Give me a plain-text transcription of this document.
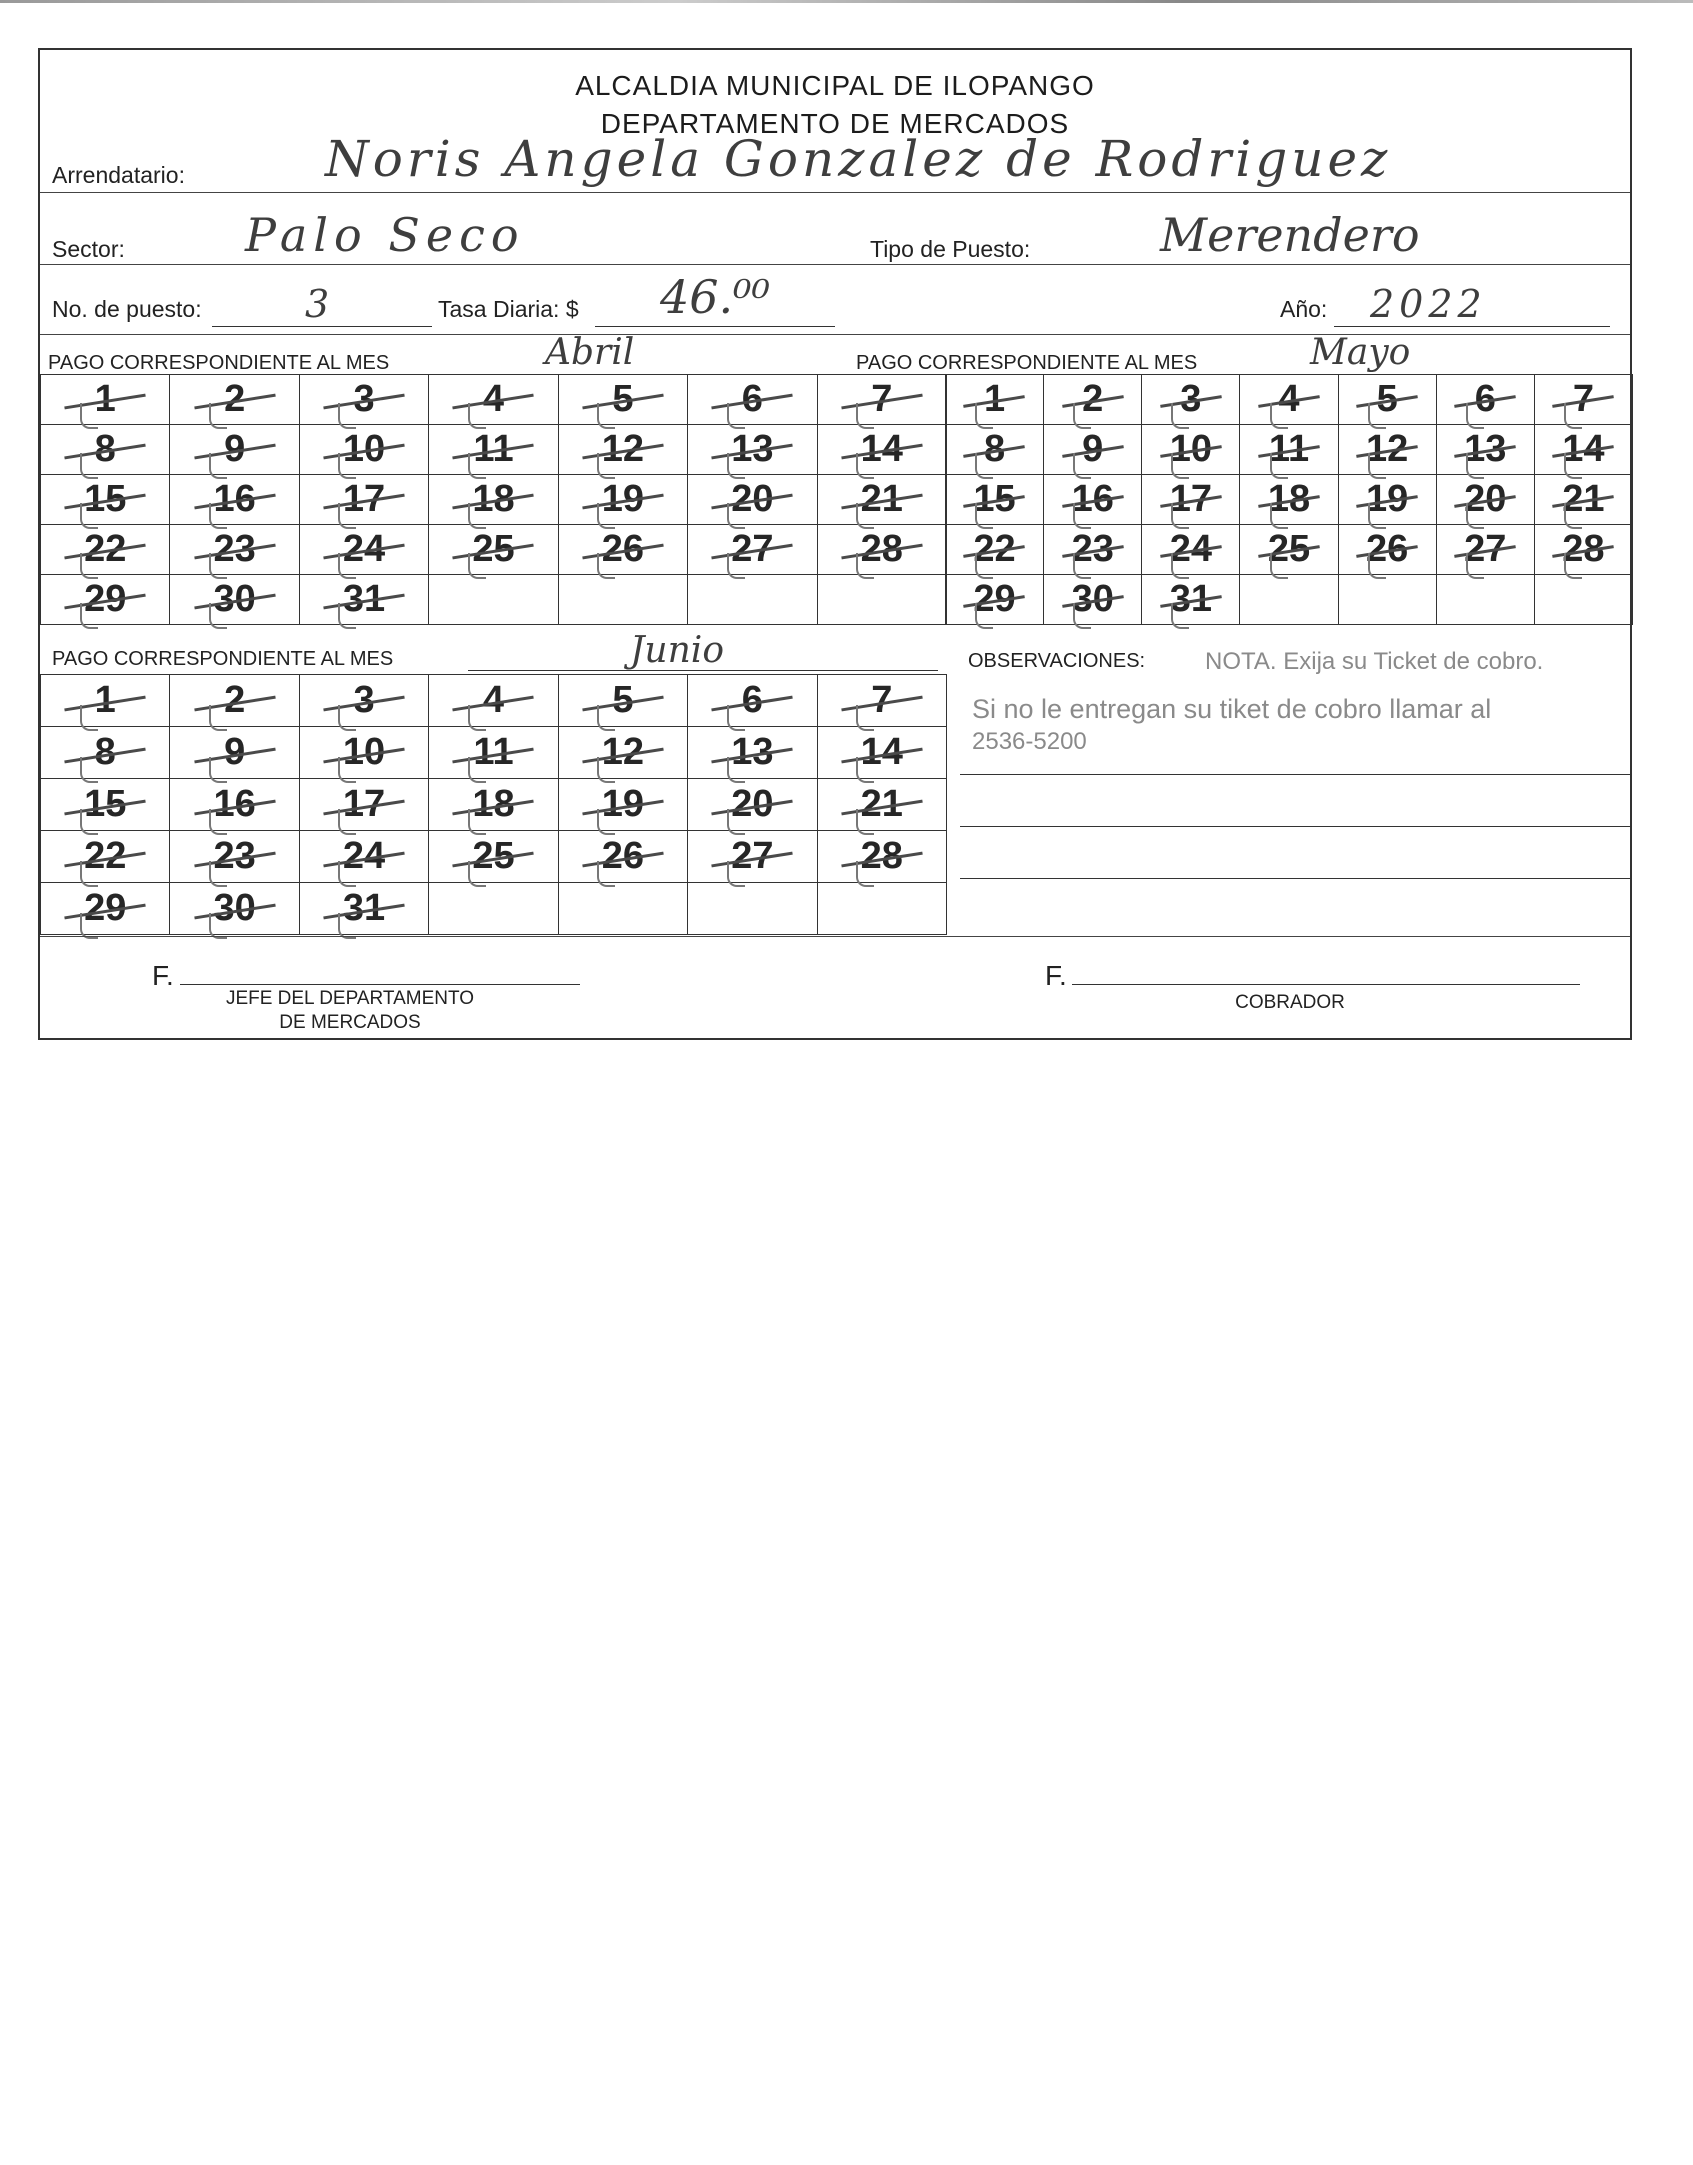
ALCALDIA MUNICIPAL DE ILOPANGO
DEPARTAMENTO DE MERCADOS
Arrendatario:	Noris Angela Gonzalez de Rodriguez
Sector:	Palo Seco	Tipo de Puesto:	Merendero
No. de puesto:	3	Tasa Diaria: $ 46.⁰⁰	Año: 2022
PAGO CORRESPONDIENTE AL MES	Abril	PAGO CORRESPONDIENTE AL MES	Mayo
1	2	3	4	5	6	7
8	9	10 11 12 13 14
15 16 17 18 19 20 21
22 23 24 25 26 27 28
29 30 31
1 2 3 4 5 6 7
8 9 10 11 12 13 14
15 16 17 18 19 20 21
22 23 24 25 26 27 28
29 30 31
PAGO CORRESPONDIENTE AL MES	Junio
1	2	3	4	5	6	7
8	9	10 11 12 13 14
15 16 17 18 19 20 21
22 23 24 25 26 27 28
29 30 31
OBSERVACIONES: NOTA. Exija su Ticket de cobro.
Si no le entregan su tiket de cobro llamar al
2536-5200
F.
JEFE DEL DEPARTAMENTO
DE MERCADOS
F.
COBRADOR
